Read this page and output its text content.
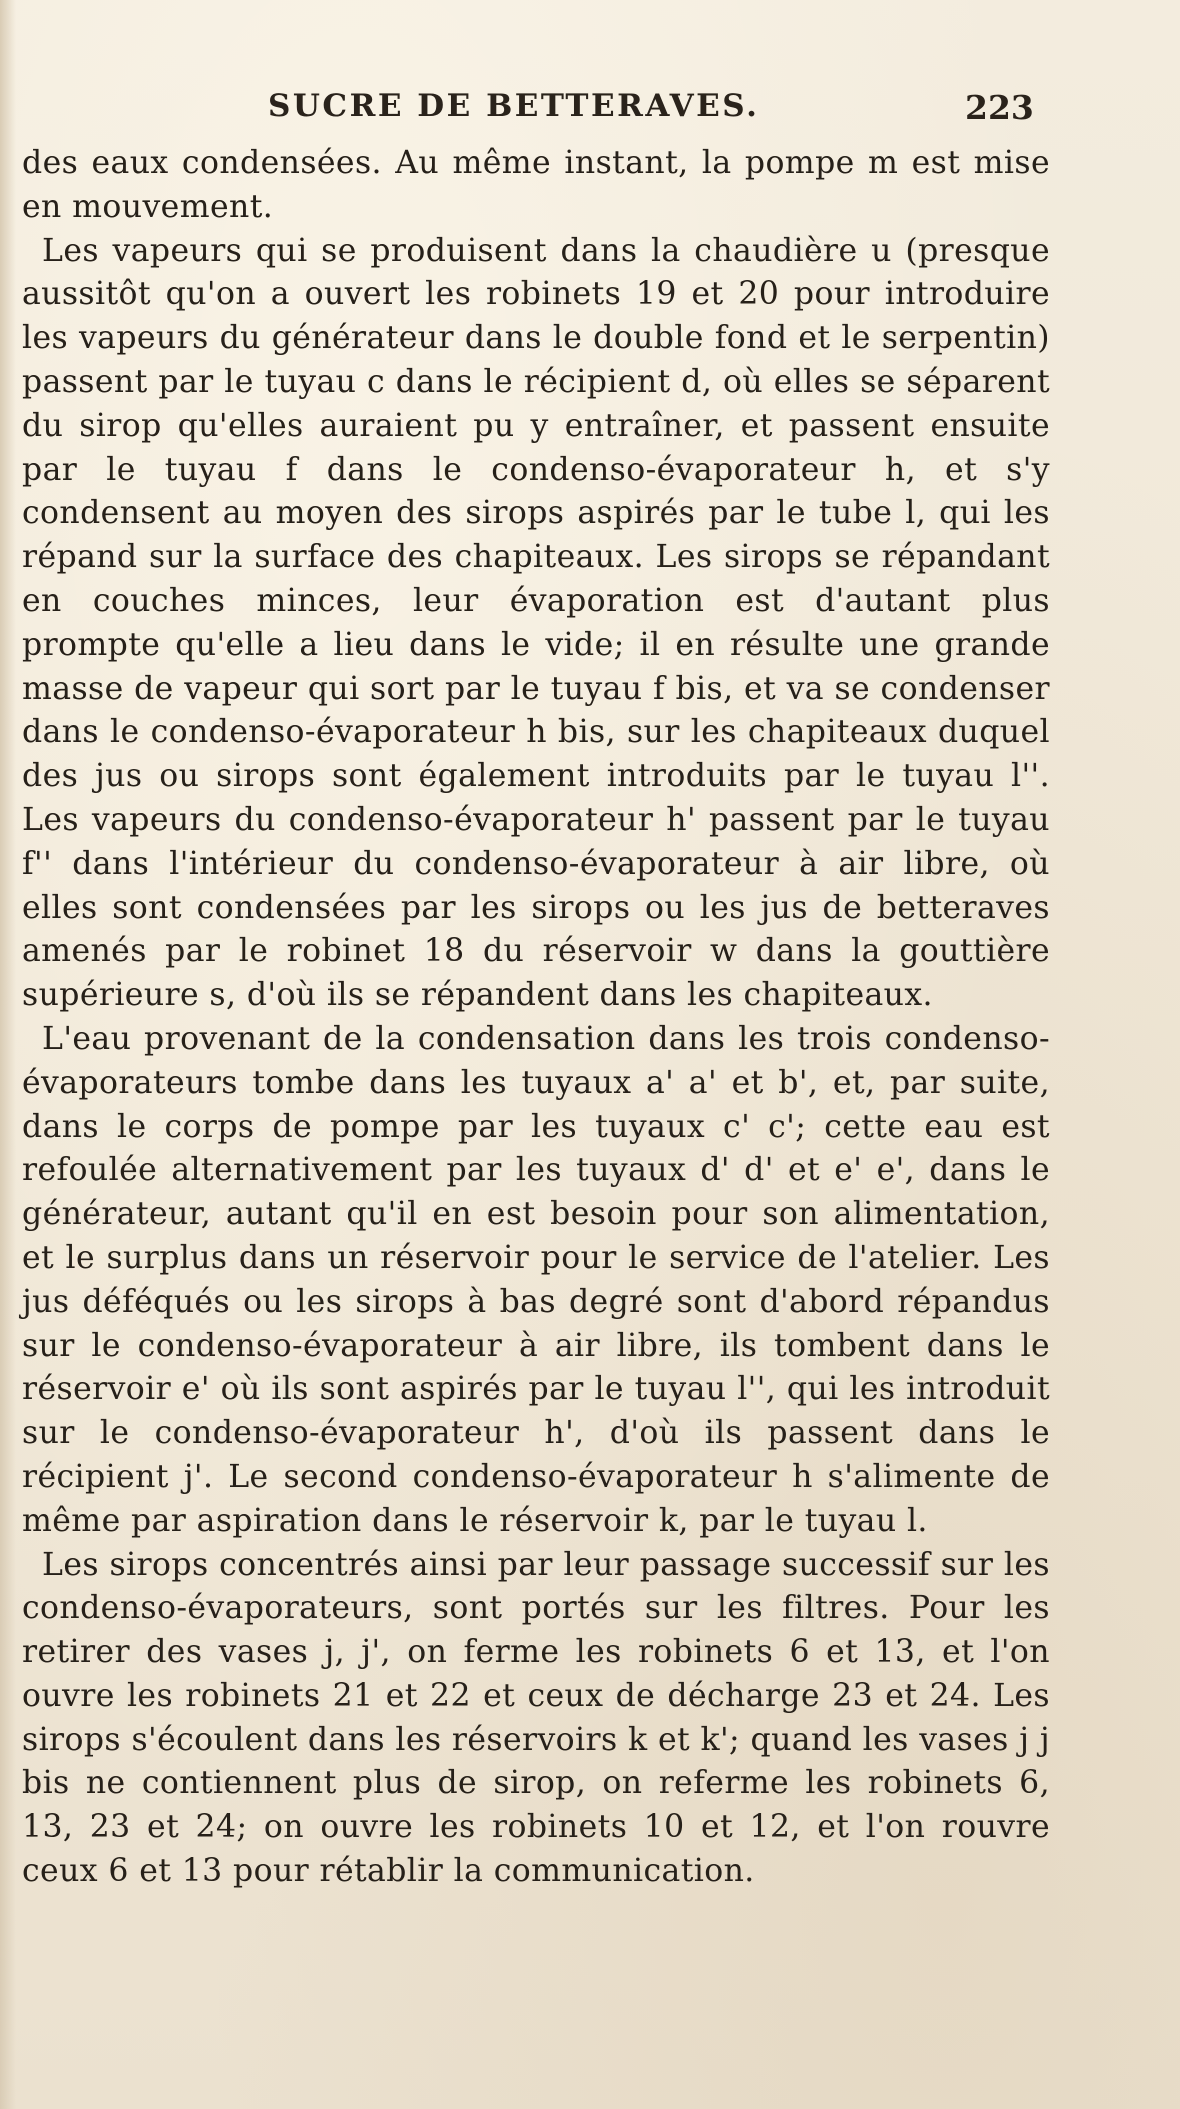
SUCRE DE BETTERAVES.	223

des eaux condensées. Au même instant, la pompe m est mise en mouvement.

Les vapeurs qui se produisent dans la chaudière u (presque aussitôt qu'on a ouvert les robinets 19 et 20 pour introduire les vapeurs du générateur dans le double fond et le serpentin) passent par le tuyau c dans le récipient d, où elles se séparent du sirop qu'elles auraient pu y entraîner, et passent ensuite par le tuyau f dans le condenso-évaporateur h, et s'y condensent au moyen des sirops aspirés par le tube l, qui les répand sur la surface des chapiteaux. Les sirops se répandant en couches minces, leur évaporation est d'autant plus prompte qu'elle a lieu dans le vide; il en résulte une grande masse de vapeur qui sort par le tuyau f bis, et va se condenser dans le condenso-évaporateur h bis, sur les chapiteaux duquel des jus ou sirops sont également introduits par le tuyau l''. Les vapeurs du condenso-évaporateur h' passent par le tuyau f'' dans l'intérieur du condenso-évaporateur à air libre, où elles sont condensées par les sirops ou les jus de betteraves amenés par le robinet 18 du réservoir w dans la gouttière supérieure s, d'où ils se répandent dans les chapiteaux.

L'eau provenant de la condensation dans les trois condenso-évaporateurs tombe dans les tuyaux a' a' et b', et, par suite, dans le corps de pompe par les tuyaux c' c'; cette eau est refoulée alternativement par les tuyaux d' d' et e' e', dans le générateur, autant qu'il en est besoin pour son alimentation, et le surplus dans un réservoir pour le service de l'atelier. Les jus déféqués ou les sirops à bas degré sont d'abord répandus sur le condenso-évaporateur à air libre, ils tombent dans le réservoir e' où ils sont aspirés par le tuyau l'', qui les introduit sur le condenso-évaporateur h', d'où ils passent dans le récipient j'. Le second condenso-évaporateur h s'alimente de même par aspiration dans le réservoir k, par le tuyau l.

Les sirops concentrés ainsi par leur passage successif sur les condenso-évaporateurs, sont portés sur les filtres. Pour les retirer des vases j, j', on ferme les robinets 6 et 13, et l'on ouvre les robinets 21 et 22 et ceux de décharge 23 et 24. Les sirops s'écoulent dans les réservoirs k et k'; quand les vases j j bis ne contiennent plus de sirop, on referme les robinets 6, 13, 23 et 24; on ouvre les robinets 10 et 12, et l'on rouvre ceux 6 et 13 pour rétablir la communication.
